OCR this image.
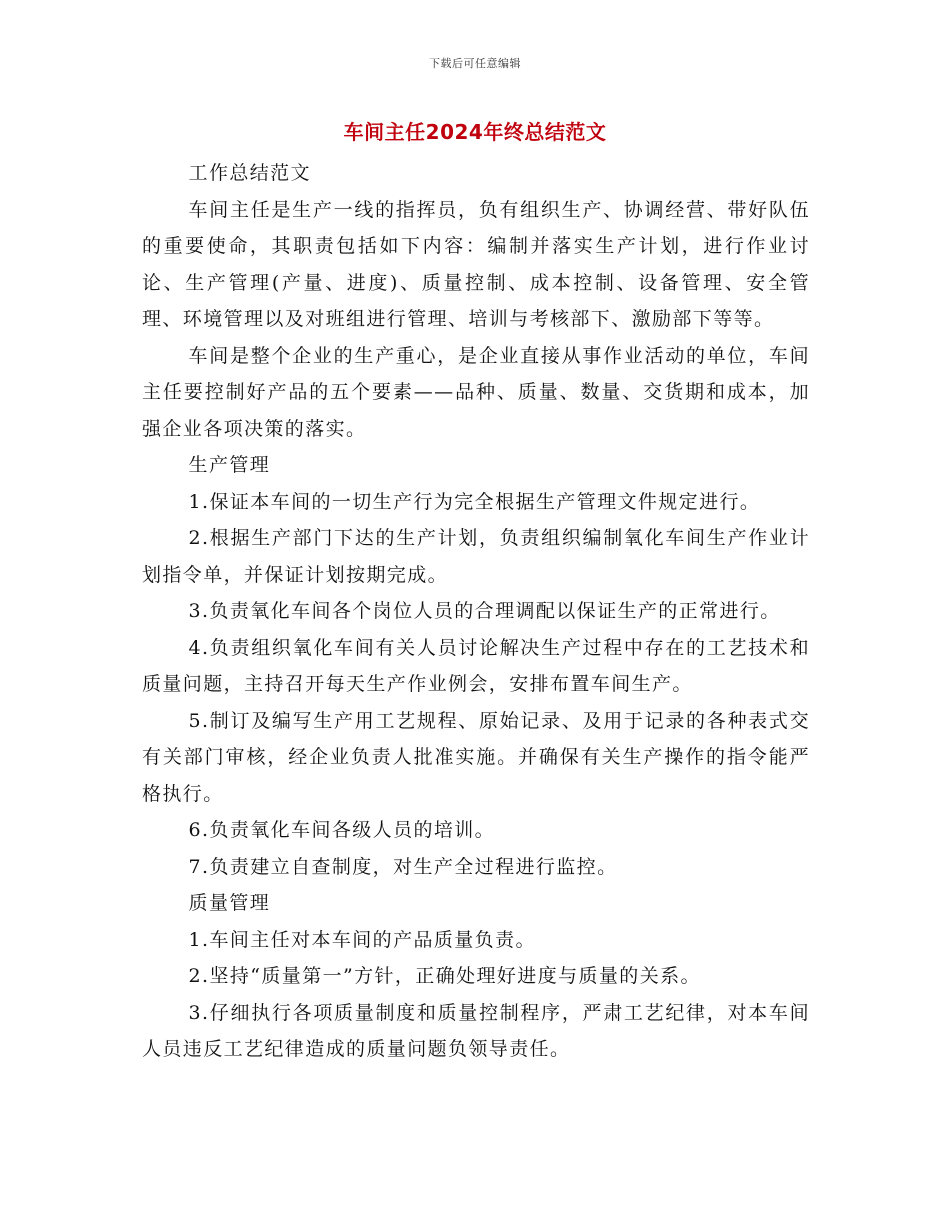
下载后可任意编辑
车间主任2024年终总结范文

工作总结范文

车间主任是生产一线的指挥员，负有组织生产、协调经营、带好队伍的重要使命，其职责包括如下内容：编制并落实生产计划，进行作业讨论、生产管理(产量、进度)、质量控制、成本控制、设备管理、安全管理、环境管理以及对班组进行管理、培训与考核部下、激励部下等等。

车间是整个企业的生产重心，是企业直接从事作业活动的单位，车间主任要控制好产品的五个要素——品种、质量、数量、交货期和成本，加强企业各项决策的落实。

生产管理

1.保证本车间的一切生产行为完全根据生产管理文件规定进行。

2.根据生产部门下达的生产计划，负责组织编制氧化车间生产作业计划指令单，并保证计划按期完成。

3.负责氧化车间各个岗位人员的合理调配以保证生产的正常进行。

4.负责组织氧化车间有关人员讨论解决生产过程中存在的工艺技术和质量问题，主持召开每天生产作业例会，安排布置车间生产。

5.制订及编写生产用工艺规程、原始记录、及用于记录的各种表式交有关部门审核，经企业负责人批准实施。并确保有关生产操作的指令能严格执行。

6.负责氧化车间各级人员的培训。

7.负责建立自查制度，对生产全过程进行监控。

质量管理

1.车间主任对本车间的产品质量负责。

2.坚持“质量第一”方针，正确处理好进度与质量的关系。

3.仔细执行各项质量制度和质量控制程序，严肃工艺纪律，对本车间人员违反工艺纪律造成的质量问题负领导责任。
